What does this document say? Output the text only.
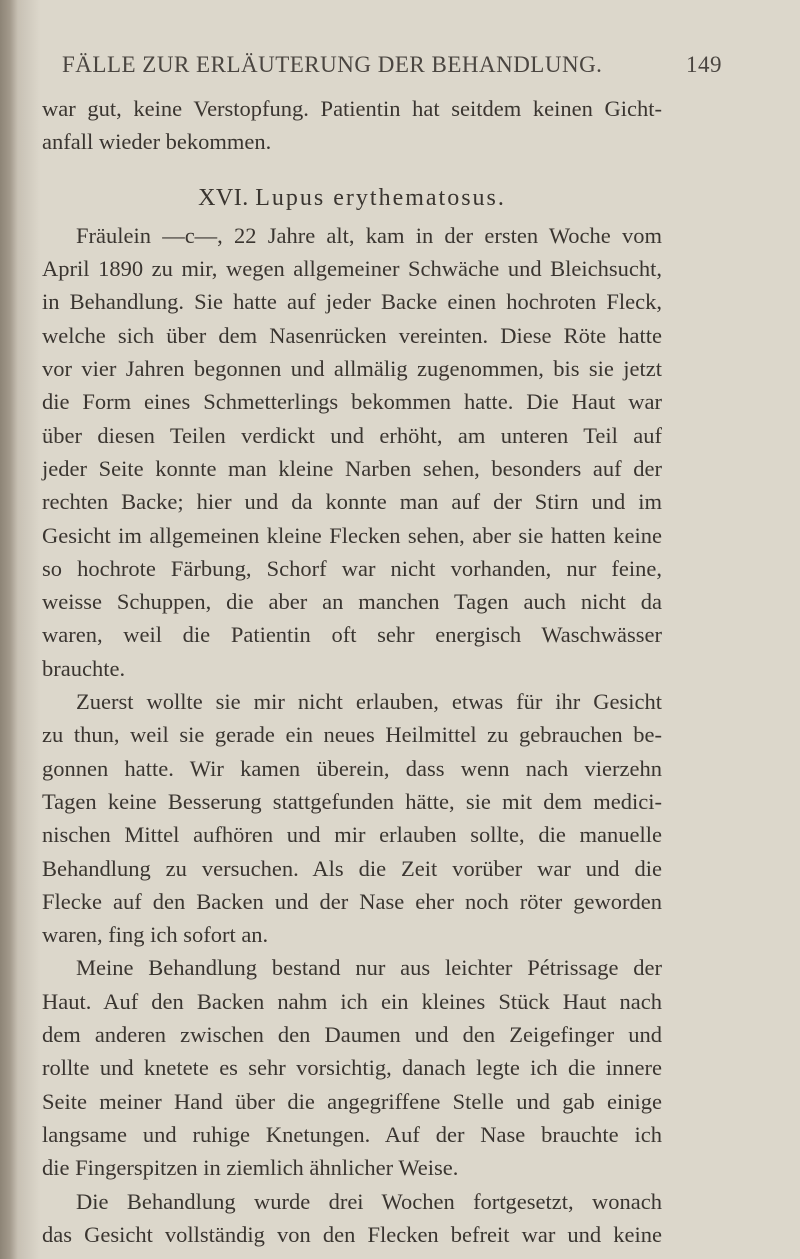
FÄLLE ZUR ERLÄUTERUNG DER BEHANDLUNG.	149
war gut, keine Verstopfung. Patientin hat seitdem keinen Gicht-
anfall wieder bekommen.
XVI. Lupus erythematosus.
Fräulein —c—, 22 Jahre alt, kam in der ersten Woche vom
April 1890 zu mir, wegen allgemeiner Schwäche und Bleichsucht,
in Behandlung. Sie hatte auf jeder Backe einen hochroten Fleck,
welche sich über dem Nasenrücken vereinten. Diese Röte hatte
vor vier Jahren begonnen und allmälig zugenommen, bis sie jetzt
die Form eines Schmetterlings bekommen hatte. Die Haut war
über diesen Teilen verdickt und erhöht, am unteren Teil auf
jeder Seite konnte man kleine Narben sehen, besonders auf der
rechten Backe; hier und da konnte man auf der Stirn und im
Gesicht im allgemeinen kleine Flecken sehen, aber sie hatten keine
so hochrote Färbung, Schorf war nicht vorhanden, nur feine,
weisse Schuppen, die aber an manchen Tagen auch nicht da
waren, weil die Patientin oft sehr energisch Waschwässer
brauchte.
Zuerst wollte sie mir nicht erlauben, etwas für ihr Gesicht
zu thun, weil sie gerade ein neues Heilmittel zu gebrauchen be-
gonnen hatte. Wir kamen überein, dass wenn nach vierzehn
Tagen keine Besserung stattgefunden hätte, sie mit dem medici-
nischen Mittel aufhören und mir erlauben sollte, die manuelle
Behandlung zu versuchen. Als die Zeit vorüber war und die
Flecke auf den Backen und der Nase eher noch röter geworden
waren, fing ich sofort an.
Meine Behandlung bestand nur aus leichter Pétrissage der
Haut. Auf den Backen nahm ich ein kleines Stück Haut nach
dem anderen zwischen den Daumen und den Zeigefinger und
rollte und knetete es sehr vorsichtig, danach legte ich die innere
Seite meiner Hand über die angegriffene Stelle und gab einige
langsame und ruhige Knetungen. Auf der Nase brauchte ich
die Fingerspitzen in ziemlich ähnlicher Weise.
Die Behandlung wurde drei Wochen fortgesetzt, wonach
das Gesicht vollständig von den Flecken befreit war und keine
